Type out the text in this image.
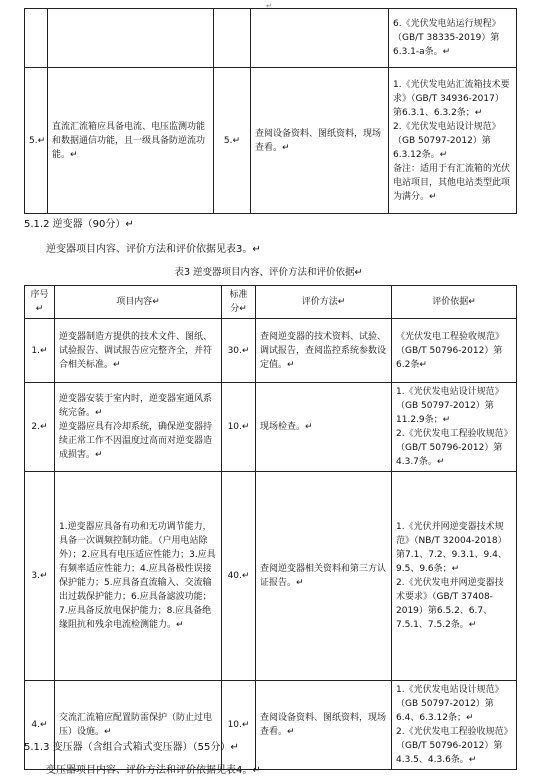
↵
				6.《光伏发电站运行规程》（GB/T 38335-2019）第6.3.1-a条。↵
5.↵	直流汇流箱应具备电流、电压监测功能和数据通信功能，且一级具备防逆流功能。↵	5.↵	查阅设备资料、图纸资料，现场查看。↵	1.《光伏发电站汇流箱技术要求》（GB/T 34936-2017）第6.3.1、6.3.2条；↵
2.《光伏发电站设计规范》（GB 50797-2012）第6.3.12条。↵
备注：适用于有汇流箱的光伏电站项目，其他电站类型此项为满分。↵
5.1.2 逆变器（90分）↵
逆变器项目内容、评价方法和评价依据见表3。↵
表3 逆变器项目内容、评价方法和评价依据↵
序号↵	项目内容↵	标准分↵	评价方法↵	评价依据↵
1.↵	逆变器制造方提供的技术文件、图纸、试验报告、调试报告应完整齐全，并符合相关标准。↵	30.↵	查阅逆变器的技术资料、试验、调试报告，查阅监控系统参数设定值。↵	《光伏发电工程验收规范》（GB/T 50796-2012）第6.2条↵
2.↵	逆变器安装于室内时，逆变器室通风系统完备。↵
逆变器应具有冷却系统，确保逆变器持续正常工作不因温度过高而对逆变器造成损害。↵	10.↵	现场检查。↵	1.《光伏发电站设计规范》（GB 50797-2012）第11.2.9条；↵
2.《光伏发电工程验收规范》（GB/T 50796-2012）第4.3.7条。↵
3.↵	1.逆变器应具备有功和无功调节能力，具备一次调频控制功能。（户用电站除外）；2.应具有电压适应性能力；3.应具有频率适应性能力；4.应具备极性误接保护能力；5.应具备直流输入、交流输出过载保护能力；6.应具备滤波功能；7.应具备反放电保护能力；8.应具备绝缘阻抗和残余电流检测能力。↵	40.↵	查阅逆变器相关资料和第三方认证报告。↵	1.《光伏并网逆变器技术规范》（NB/T 32004-2018）第7.1、7.2、9.3.1、9.4、9.5、9.6条；↵
2.《光伏发电并网逆变器技术要求》（GB/T 37408-2019）第6.5.2、6.7、7.5.1、7.5.2条。↵
4.↵	交流汇流箱应配置防雷保护（防止过电压）设施。↵	10.↵	查阅设备资料、图纸资料，现场查看。↵	1.《光伏发电站设计规范》（GB 50797-2012）第6.4、6.3.12条；↵
2.《光伏发电工程验收规范》（GB/T 50796-2012）第4.3.5、4.3.6条。↵
5.1.3 变压器（含组合式箱式变压器）（55分）↵
变压器项目内容、评价方法和评价依据见表4。↵
